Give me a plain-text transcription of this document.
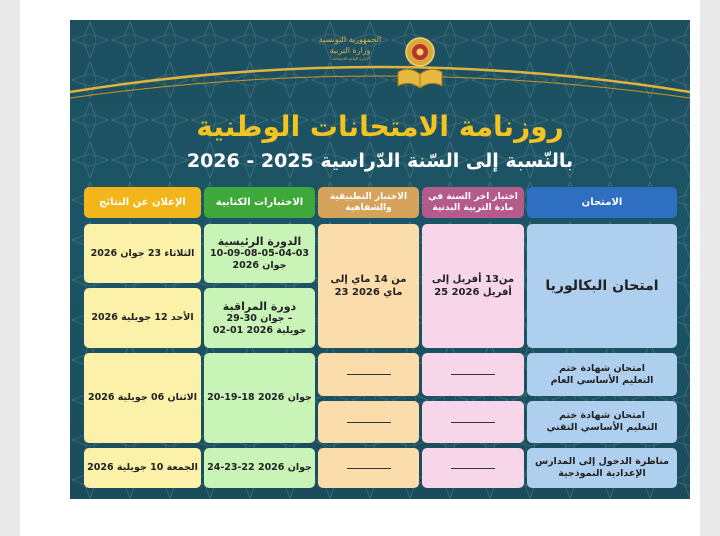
الجمهورية التونسية
وزارة التربية
الإدارة العامة للامتحانات
روزنامة الامتحانات الوطنية
بالنّسبة إلى السّنة الدّراسية 2025 - 2026
الامتحان
اختبار اخر السنة في مادة التربية البدنية
الاختبار التطبيقية والشفاهية
الاختبارات الكتابية
الإعلان عن النتائج
امتحان البكالوريا
من13 أفريل إلى
25 أفريل 2026
من 14 ماي إلى
23 ماي 2026
الدورة الرئيسية
10-09-08-05-04-03
جوان 2026
الثلاثاء 23 جوان 2026
دورة المراقبة
29-30 جوان –
02-01 جويلية 2026
الأحد 12 جويلية 2026
امتحان شهادة ختم
التعليم الأساسي العام
امتحان شهادة ختم
التعليم الأساسي التقني
20-19-18 جوان 2026
الاثنان 06 جويلية 2026
مناظرة الدخول إلى المدارس
الإعدادية النموذجية
24-23-22 جوان 2026
الجمعة 10 جويلية 2026
